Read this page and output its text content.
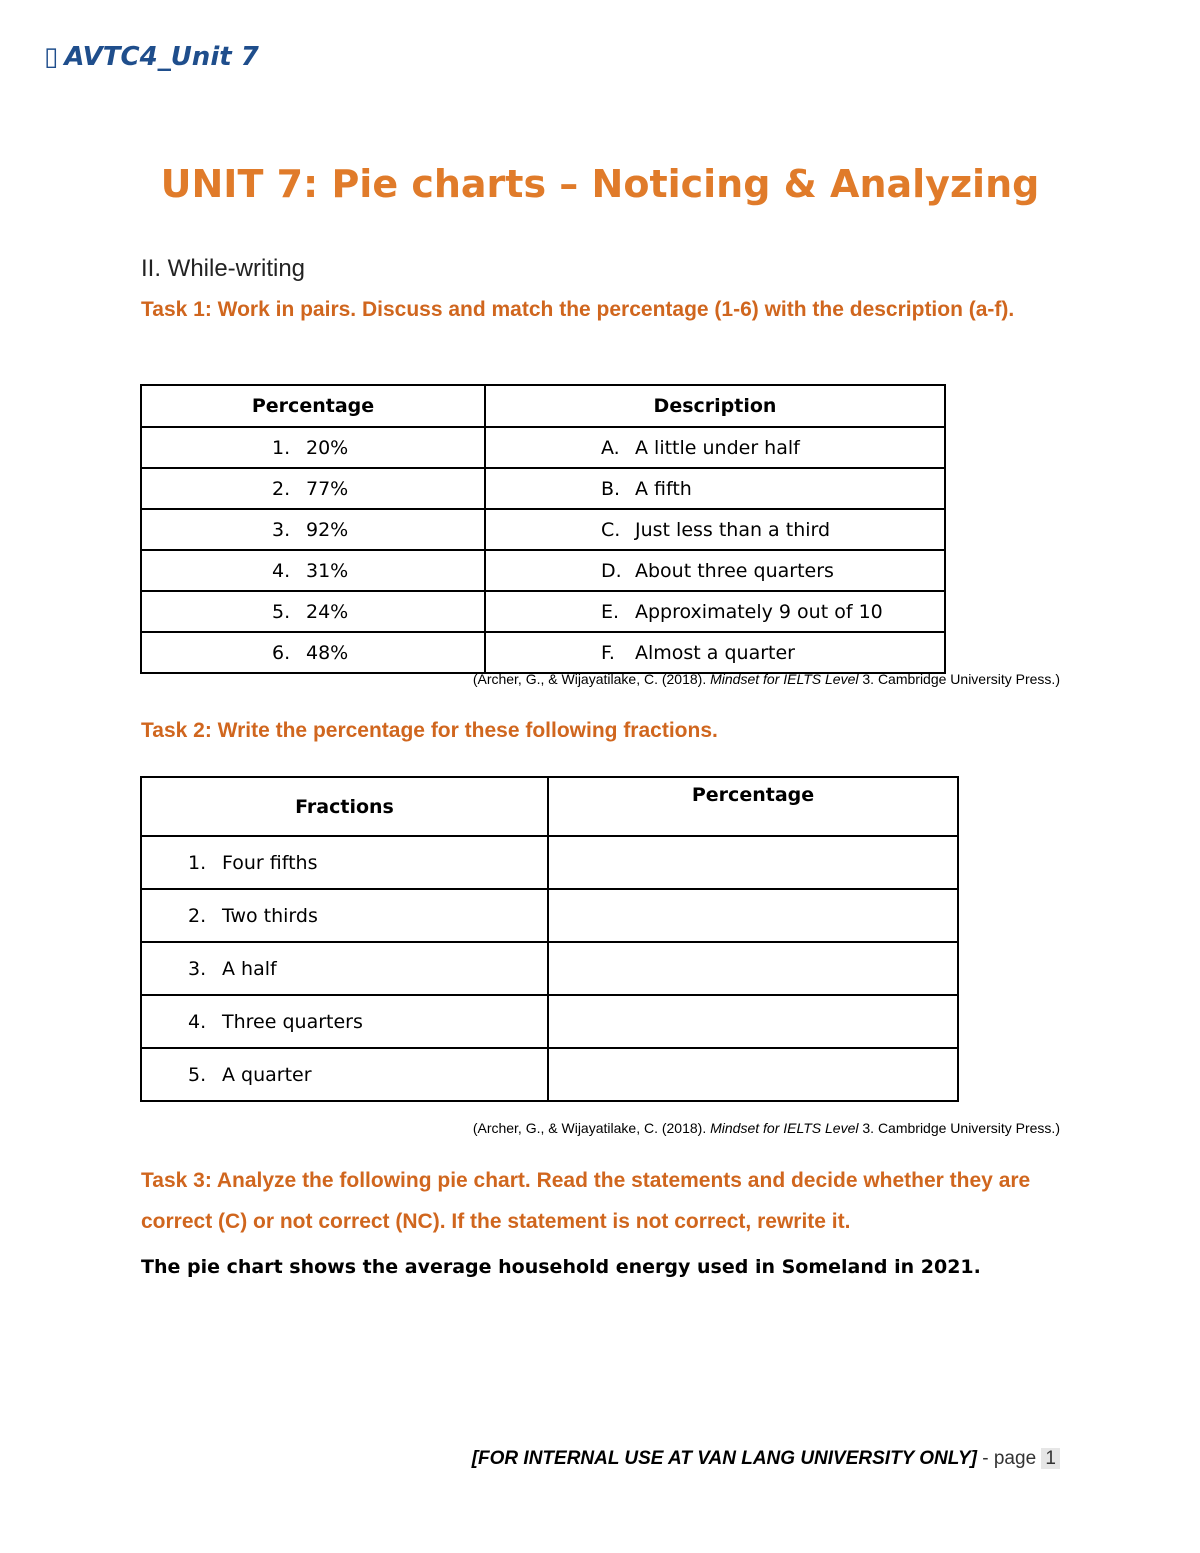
▯ AVTC4_Unit 7
UNIT 7: Pie charts – Noticing & Analyzing
II. While-writing
Task 1: Work in pairs. Discuss and match the percentage (1-6) with the description (a-f).
Percentage	Description
1. 20%	A. A little under half
2. 77%	B. A fifth
3. 92%	C. Just less than a third
4. 31%	D. About three quarters
5. 24%	E. Approximately 9 out of 10
6. 48%	F. Almost a quarter
(Archer, G., & Wijayatilake, C. (2018). Mindset for IELTS Level 3. Cambridge University Press.)
Task 2: Write the percentage for these following fractions.
Fractions	Percentage
1. Four fifths	
2. Two thirds	
3. A half	
4. Three quarters	
5. A quarter	
(Archer, G., & Wijayatilake, C. (2018). Mindset for IELTS Level 3. Cambridge University Press.)
Task 3: Analyze the following pie chart. Read the statements and decide whether they are correct (C) or not correct (NC). If the statement is not correct, rewrite it.
The pie chart shows the average household energy used in Someland in 2021.
[FOR INTERNAL USE AT VAN LANG UNIVERSITY ONLY] - page 1
